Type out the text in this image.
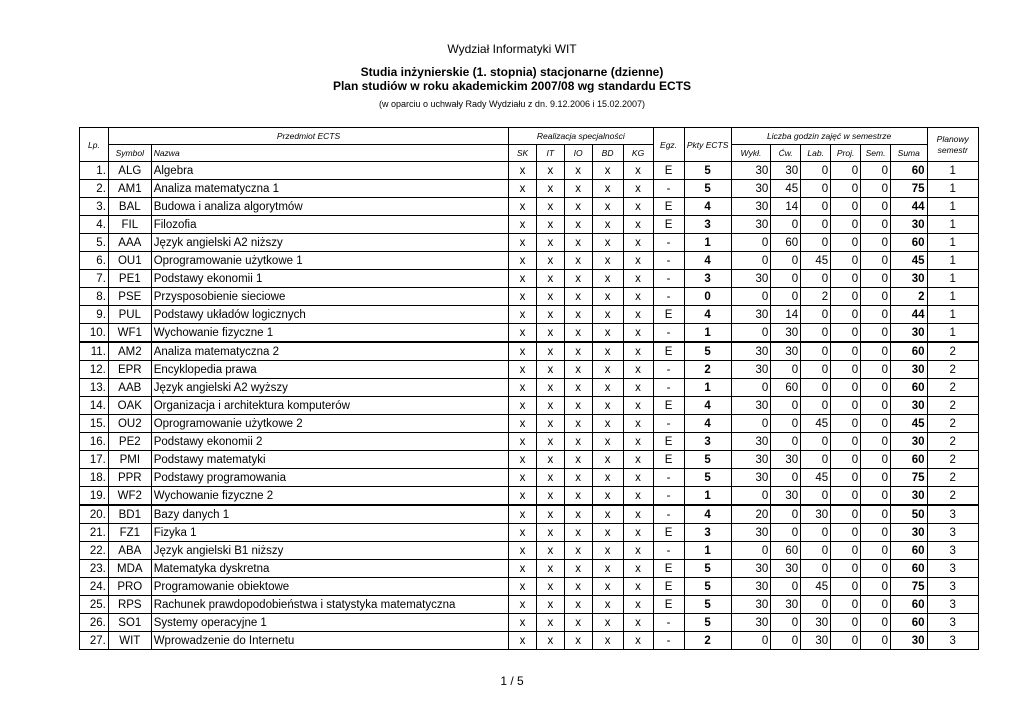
Wydział Informatyki WIT
Studia inżynierskie (1. stopnia) stacjonarne (dzienne)
Plan studiów w roku akademickim 2007/08 wg standardu ECTS
(w oparciu o uchwały Rady Wydziału z dn. 9.12.2006 i 15.02.2007)
Lp.	Przedmiot ECTS		Realizacja specjalności					Egz.	Pkty ECTS	Liczba godzin zajęć w semestrze						Planowy semestr
	Symbol	Nazwa	SK	IT	IO	BD	KG			Wykł.	Ćw.	Lab.	Proj.	Sem.	Suma	
1.	ALG	Algebra	x	x	x	x	x	E	5	30	30	0	0	0	60	1
2.	AM1	Analiza matematyczna 1	x	x	x	x	x	-	5	30	45	0	0	0	75	1
3.	BAL	Budowa i analiza algorytmów	x	x	x	x	x	E	4	30	14	0	0	0	44	1
4.	FIL	Filozofia	x	x	x	x	x	E	3	30	0	0	0	0	30	1
5.	AAA	Język angielski A2 niższy	x	x	x	x	x	-	1	0	60	0	0	0	60	1
6.	OU1	Oprogramowanie użytkowe 1	x	x	x	x	x	-	4	0	0	45	0	0	45	1
7.	PE1	Podstawy ekonomii 1	x	x	x	x	x	-	3	30	0	0	0	0	30	1
8.	PSE	Przysposobienie sieciowe	x	x	x	x	x	-	0	0	0	2	0	0	2	1
9.	PUL	Podstawy układów logicznych	x	x	x	x	x	E	4	30	14	0	0	0	44	1
10.	WF1	Wychowanie fizyczne 1	x	x	x	x	x	-	1	0	30	0	0	0	30	1
11.	AM2	Analiza matematyczna 2	x	x	x	x	x	E	5	30	30	0	0	0	60	2
12.	EPR	Encyklopedia prawa	x	x	x	x	x	-	2	30	0	0	0	0	30	2
13.	AAB	Język angielski A2 wyższy	x	x	x	x	x	-	1	0	60	0	0	0	60	2
14.	OAK	Organizacja i architektura komputerów	x	x	x	x	x	E	4	30	0	0	0	0	30	2
15.	OU2	Oprogramowanie użytkowe 2	x	x	x	x	x	-	4	0	0	45	0	0	45	2
16.	PE2	Podstawy ekonomii 2	x	x	x	x	x	E	3	30	0	0	0	0	30	2
17.	PMI	Podstawy matematyki	x	x	x	x	x	E	5	30	30	0	0	0	60	2
18.	PPR	Podstawy programowania	x	x	x	x	x	-	5	30	0	45	0	0	75	2
19.	WF2	Wychowanie fizyczne 2	x	x	x	x	x	-	1	0	30	0	0	0	30	2
20.	BD1	Bazy danych 1	x	x	x	x	x	-	4	20	0	30	0	0	50	3
21.	FZ1	Fizyka 1	x	x	x	x	x	E	3	30	0	0	0	0	30	3
22.	ABA	Język angielski B1 niższy	x	x	x	x	x	-	1	0	60	0	0	0	60	3
23.	MDA	Matematyka dyskretna	x	x	x	x	x	E	5	30	30	0	0	0	60	3
24.	PRO	Programowanie obiektowe	x	x	x	x	x	E	5	30	0	45	0	0	75	3
25.	RPS	Rachunek prawdopodobieństwa i statystyka matematyczna	x	x	x	x	x	E	5	30	30	0	0	0	60	3
26.	SO1	Systemy operacyjne 1	x	x	x	x	x	-	5	30	0	30	0	0	60	3
27.	WIT	Wprowadzenie do Internetu	x	x	x	x	x	-	2	0	0	30	0	0	30	3
1 / 5
